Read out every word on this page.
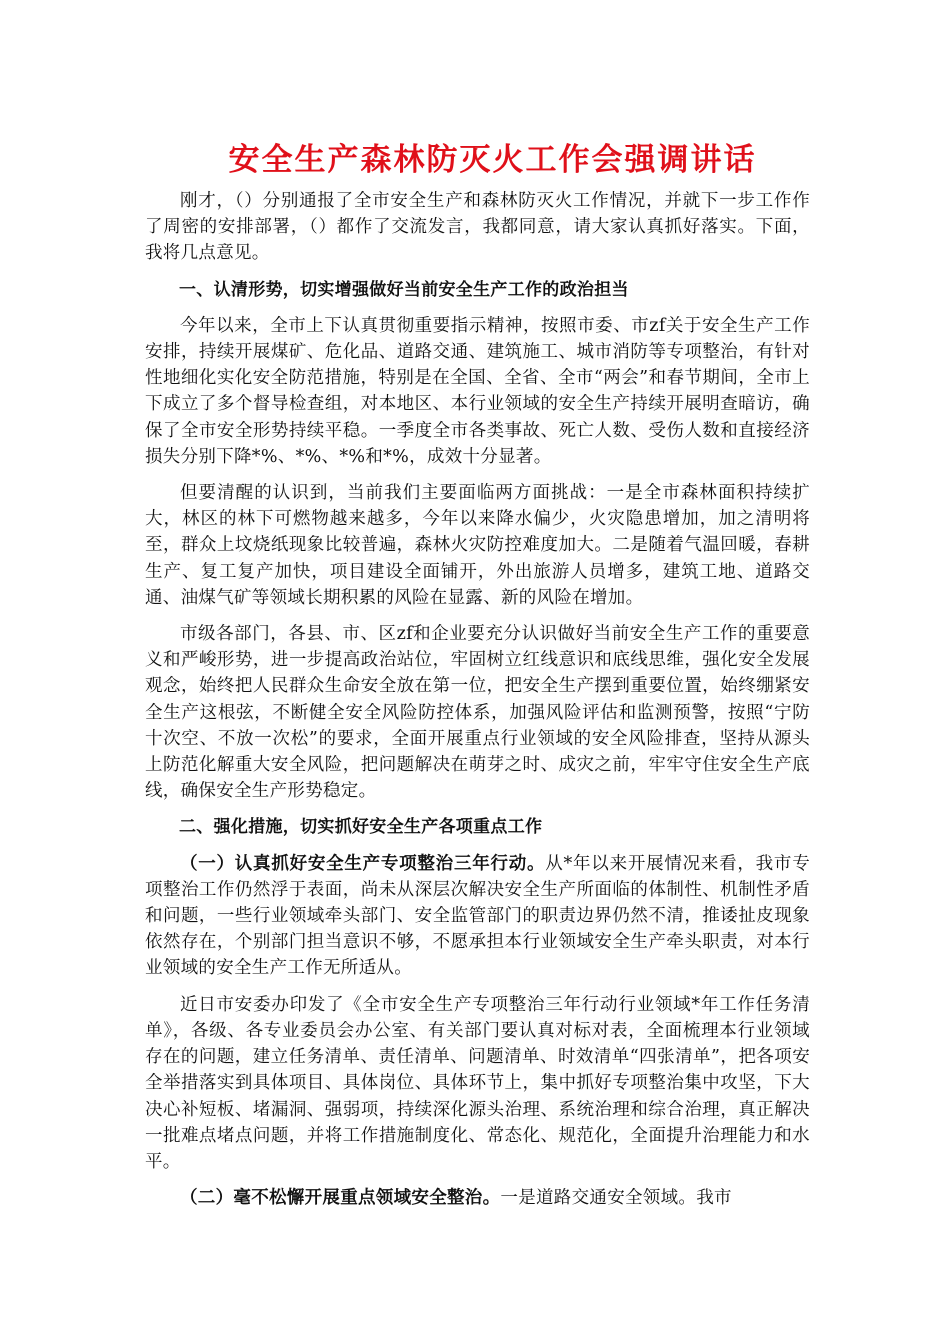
安全生产森林防灭火工作会强调讲话

刚才，（）分别通报了全市安全生产和森林防灭火工作情况，并就下一步工作作了周密的安排部署，（）都作了交流发言，我都同意，请大家认真抓好落实。下面，我将几点意见。

一、认清形势，切实增强做好当前安全生产工作的政治担当

今年以来，全市上下认真贯彻重要指示精神，按照市委、市zf关于安全生产工作安排，持续开展煤矿、危化品、道路交通、建筑施工、城市消防等专项整治，有针对性地细化实化安全防范措施，特别是在全国、全省、全市“两会”和春节期间，全市上下成立了多个督导检查组，对本地区、本行业领域的安全生产持续开展明查暗访，确保了全市安全形势持续平稳。一季度全市各类事故、死亡人数、受伤人数和直接经济损失分别下降*%、*%、*%和*%，成效十分显著。

但要清醒的认识到，当前我们主要面临两方面挑战：一是全市森林面积持续扩大，林区的林下可燃物越来越多，今年以来降水偏少，火灾隐患增加，加之清明将至，群众上坟烧纸现象比较普遍，森林火灾防控难度加大。二是随着气温回暖，春耕生产、复工复产加快，项目建设全面铺开，外出旅游人员增多，建筑工地、道路交通、油煤气矿等领域长期积累的风险在显露、新的风险在增加。

市级各部门，各县、市、区zf和企业要充分认识做好当前安全生产工作的重要意义和严峻形势，进一步提高政治站位，牢固树立红线意识和底线思维，强化安全发展观念，始终把人民群众生命安全放在第一位，把安全生产摆到重要位置，始终绷紧安全生产这根弦，不断健全安全风险防控体系，加强风险评估和监测预警，按照“宁防十次空、不放一次松”的要求，全面开展重点行业领域的安全风险排查，坚持从源头上防范化解重大安全风险，把问题解决在萌芽之时、成灾之前，牢牢守住安全生产底线，确保安全生产形势稳定。

二、强化措施，切实抓好安全生产各项重点工作

（一）认真抓好安全生产专项整治三年行动。从*年以来开展情况来看，我市专项整治工作仍然浮于表面，尚未从深层次解决安全生产所面临的体制性、机制性矛盾和问题，一些行业领域牵头部门、安全监管部门的职责边界仍然不清，推诿扯皮现象依然存在，个别部门担当意识不够，不愿承担本行业领域安全生产牵头职责，对本行业领域的安全生产工作无所适从。

近日市安委办印发了《全市安全生产专项整治三年行动行业领域*年工作任务清单》，各级、各专业委员会办公室、有关部门要认真对标对表，全面梳理本行业领域存在的问题，建立任务清单、责任清单、问题清单、时效清单“四张清单”，把各项安全举措落实到具体项目、具体岗位、具体环节上，集中抓好专项整治集中攻坚，下大决心补短板、堵漏洞、强弱项，持续深化源头治理、系统治理和综合治理，真正解决一批难点堵点问题，并将工作措施制度化、常态化、规范化，全面提升治理能力和水平。

（二）毫不松懈开展重点领域安全整治。一是道路交通安全领域。我市
